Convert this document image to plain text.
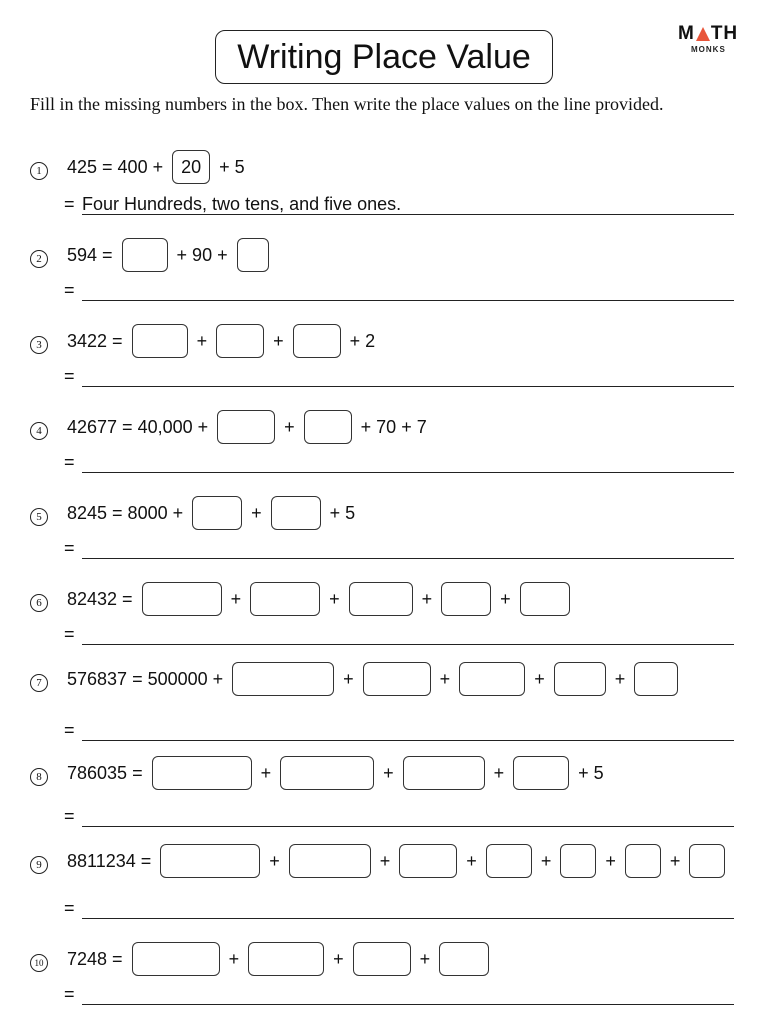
Writing Place Value
M TH
MONKS
Fill in the missing numbers in the box. Then write the place values on the line provided.
1	425 = 400 + 20 + 5
= Four Hundreds, two tens, and five ones.
2	594 =	+ 90 +
=
3	3422 =	+	+	+ 2
=
4	42677 = 40,000 +	+	+ 70 + 7
=
5	8245 = 8000 +	+	+ 5
=
6	82432 =	+	+	+	+
=
7	576837 = 500000 +	+	+	+	+
=
8	786035 =	+	+	+	+ 5
=
9	8811234 =	+	+	+	+ + +
=
10 7248 =	+	+	+
=
